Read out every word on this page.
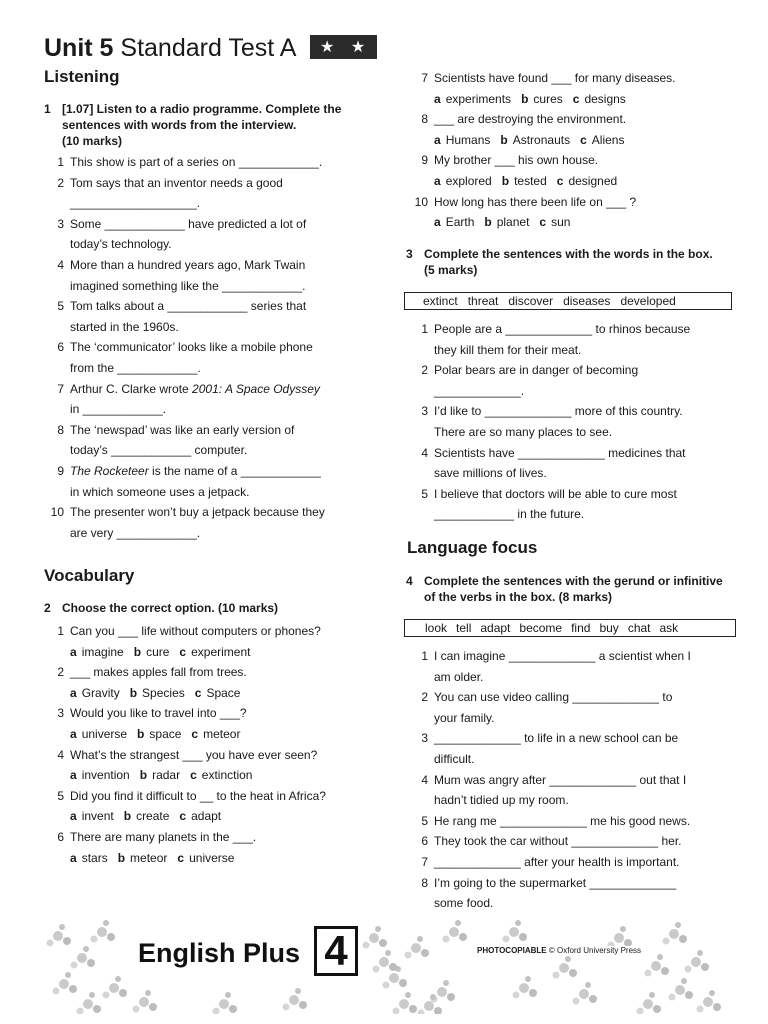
Unit 5 Standard Test A ★ ★
Listening
1 [1.07] Listen to a radio programme. Complete the sentences with words from the interview.
(10 marks)
1 This show is part of a series on ____________.
2 Tom says that an inventor needs a good
___________________.
3 Some ____________ have predicted a lot of
today’s technology.
4 More than a hundred years ago, Mark Twain
imagined something like the ____________.
5 Tom talks about a ____________ series that
started in the 1960s.
6 The ‘communicator’ looks like a mobile phone
from the ____________.
7 Arthur C. Clarke wrote 2001: A Space Odyssey
in ____________.
8 The ‘newspad’ was like an early version of
today’s ____________ computer.
9 The Rocketeer is the name of a ____________
in which someone uses a jetpack.
10 The presenter won’t buy a jetpack because they
are very ____________.
Vocabulary
2 Choose the correct option. (10 marks)
1 Can you ___ life without computers or phones?
a imagine b cure c experiment
2 ___ makes apples fall from trees.
a Gravity b Species c Space
3 Would you like to travel into ___?
a universe b space c meteor
4 What’s the strangest ___ you have ever seen?
a invention b radar c extinction
5 Did you find it difficult to __ to the heat in Africa?
a invent b create c adapt
6 There are many planets in the ___.
a stars b meteor c universe
7 Scientists have found ___ for many diseases.
a experiments b cures c designs
8 ___ are destroying the environment.
a Humans b Astronauts c Aliens
9 My brother ___ his own house.
a explored b tested c designed
10 How long has there been life on ___ ?
a Earth b planet c sun
3 Complete the sentences with the words in the box. (5 marks)
extinct threat discover diseases developed
1 People are a _____________ to rhinos because
they kill them for their meat.
2 Polar bears are in danger of becoming
_____________.
3 I’d like to _____________ more of this country.
There are so many places to see.
4 Scientists have _____________ medicines that
save millions of lives.
5 I believe that doctors will be able to cure most
____________ in the future.
Language focus
4 Complete the sentences with the gerund or infinitive of the verbs in the box. (8 marks)
look tell adapt become find buy chat ask
1 I can imagine _____________ a scientist when I
am older.
2 You can use video calling _____________ to
your family.
3 _____________ to life in a new school can be
difficult.
4 Mum was angry after _____________ out that I
hadn’t tidied up my room.
5 He rang me _____________ me his good news.
6 They took the car without _____________ her.
7 _____________ after your health is important.
8 I’m going to the supermarket _____________
some food.
English Plus 4	PHOTOCOPIABLE © Oxford University Press
